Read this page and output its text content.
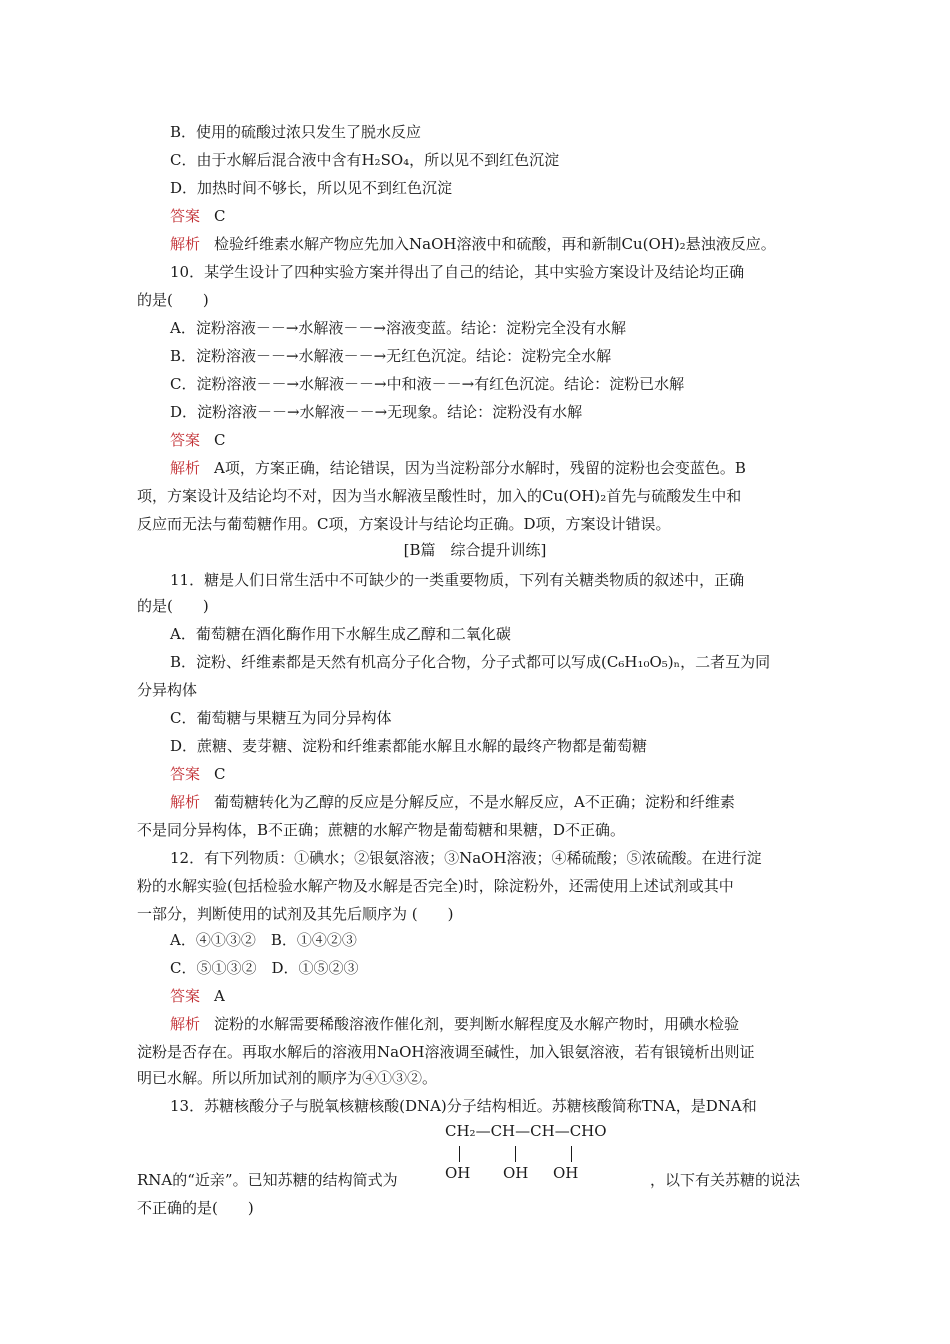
B．使用的硫酸过浓只发生了脱水反应
C．由于水解后混合液中含有H₂SO₄，所以见不到红色沉淀
D．加热时间不够长，所以见不到红色沉淀
答案 C
解析 检验纤维素水解产物应先加入NaOH溶液中和硫酸，再和新制Cu(OH)₂悬浊液反应。
10．某学生设计了四种实验方案并得出了自己的结论，其中实验方案设计及结论均正确
的是(　　)
A．淀粉溶液－－→水解液－－→溶液变蓝。结论：淀粉完全没有水解
B．淀粉溶液－－→水解液－－→无红色沉淀。结论：淀粉完全水解
C．淀粉溶液－－→水解液－－→中和液－－→有红色沉淀。结论：淀粉已水解
D．淀粉溶液－－→水解液－－→无现象。结论：淀粉没有水解
答案 C
解析 A项，方案正确，结论错误，因为当淀粉部分水解时，残留的淀粉也会变蓝色。B
项，方案设计及结论均不对，因为当水解液呈酸性时，加入的Cu(OH)₂首先与硫酸发生中和
反应而无法与葡萄糖作用。C项，方案设计与结论均正确。D项，方案设计错误。
[B篇　综合提升训练]
11．糖是人们日常生活中不可缺少的一类重要物质，下列有关糖类物质的叙述中，正确
的是(　　)
A．葡萄糖在酒化酶作用下水解生成乙醇和二氧化碳
B．淀粉、纤维素都是天然有机高分子化合物，分子式都可以写成(C₆H₁₀O₅)ₙ，二者互为同
分异构体
C．葡萄糖与果糖互为同分异构体
D．蔗糖、麦芽糖、淀粉和纤维素都能水解且水解的最终产物都是葡萄糖
答案 C
解析 葡萄糖转化为乙醇的反应是分解反应，不是水解反应，A不正确；淀粉和纤维素
不是同分异构体，B不正确；蔗糖的水解产物是葡萄糖和果糖，D不正确。
12．有下列物质：①碘水；②银氨溶液；③NaOH溶液；④稀硫酸；⑤浓硫酸。在进行淀
粉的水解实验(包括检验水解产物及水解是否完全)时，除淀粉外，还需使用上述试剂或其中
一部分，判断使用的试剂及其先后顺序为 (　　)
A．④①③②　B．①④②③
C．⑤①③②　D．①⑤②③
答案 A
解析 淀粉的水解需要稀酸溶液作催化剂，要判断水解程度及水解产物时，用碘水检验
淀粉是否存在。再取水解后的溶液用NaOH溶液调至碱性，加入银氨溶液，若有银镜析出则证
明已水解。所以所加试剂的顺序为④①③②。
13．苏糖核酸分子与脱氧核糖核酸(DNA)分子结构相近。苏糖核酸简称TNA，是DNA和
CH₂—CH—CH—CHO
OH OH OH
RNA的“近亲”。已知苏糖的结构简式为	，以下有关苏糖的说法
不正确的是(　　)
